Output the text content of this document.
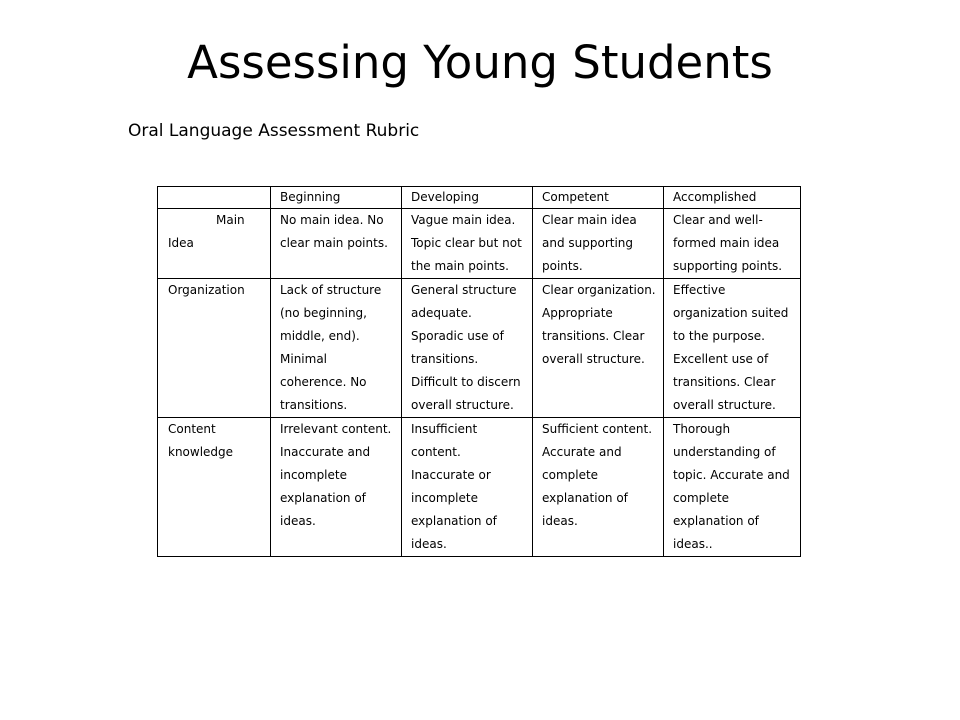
Assessing Young Students

Oral Language Assessment Rubric

	Beginning	Developing	Competent	Accomplished
Main Idea	No main idea. No clear main points.	Vague main idea. Topic clear but not the main points.	Clear main idea and supporting points.	Clear and well-formed main idea supporting points.
Organization	Lack of structure (no beginning, middle, end). Minimal coherence. No transitions.	General structure adequate. Sporadic use of transitions. Difficult to discern overall structure.	Clear organization. Appropriate transitions. Clear overall structure.	Effective organization suited to the purpose. Excellent use of transitions. Clear overall structure.
Content knowledge	Irrelevant content. Inaccurate and incomplete explanation of ideas.	Insufficient content. Inaccurate or incomplete explanation of ideas.	Sufficient content. Accurate and complete explanation of ideas.	Thorough understanding of topic. Accurate and complete explanation of ideas..
